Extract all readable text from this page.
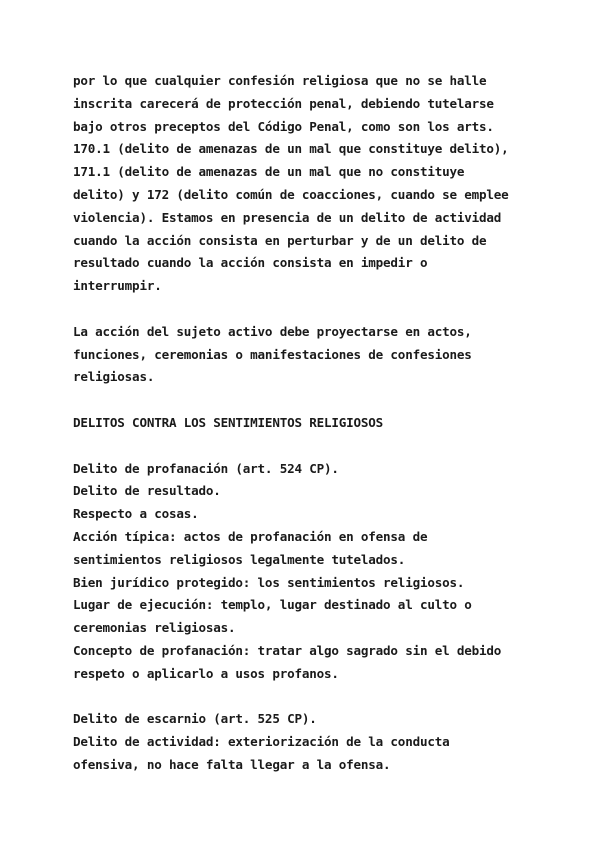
por lo que cualquier confesión religiosa que no se halle
inscrita carecerá de protección penal, debiendo tutelarse
bajo otros preceptos del Código Penal, como son los arts.
170.1 (delito de amenazas de un mal que constituye delito),
171.1 (delito de amenazas de un mal que no constituye
delito) y 172 (delito común de coacciones, cuando se emplee
violencia). Estamos en presencia de un delito de actividad
cuando la acción consista en perturbar y de un delito de
resultado cuando la acción consista en impedir o
interrumpir.
La acción del sujeto activo debe proyectarse en actos,
funciones, ceremonias o manifestaciones de confesiones
religiosas.
DELITOS CONTRA LOS SENTIMIENTOS RELIGIOSOS
Delito de profanación (art. 524 CP).
Delito de resultado.
Respecto a cosas.
Acción típica: actos de profanación en ofensa de
sentimientos religiosos legalmente tutelados.
Bien jurídico protegido: los sentimientos religiosos.
Lugar de ejecución: templo, lugar destinado al culto o
ceremonias religiosas.
Concepto de profanación: tratar algo sagrado sin el debido
respeto o aplicarlo a usos profanos.
Delito de escarnio (art. 525 CP).
Delito de actividad: exteriorización de la conducta
ofensiva, no hace falta llegar a la ofensa.
